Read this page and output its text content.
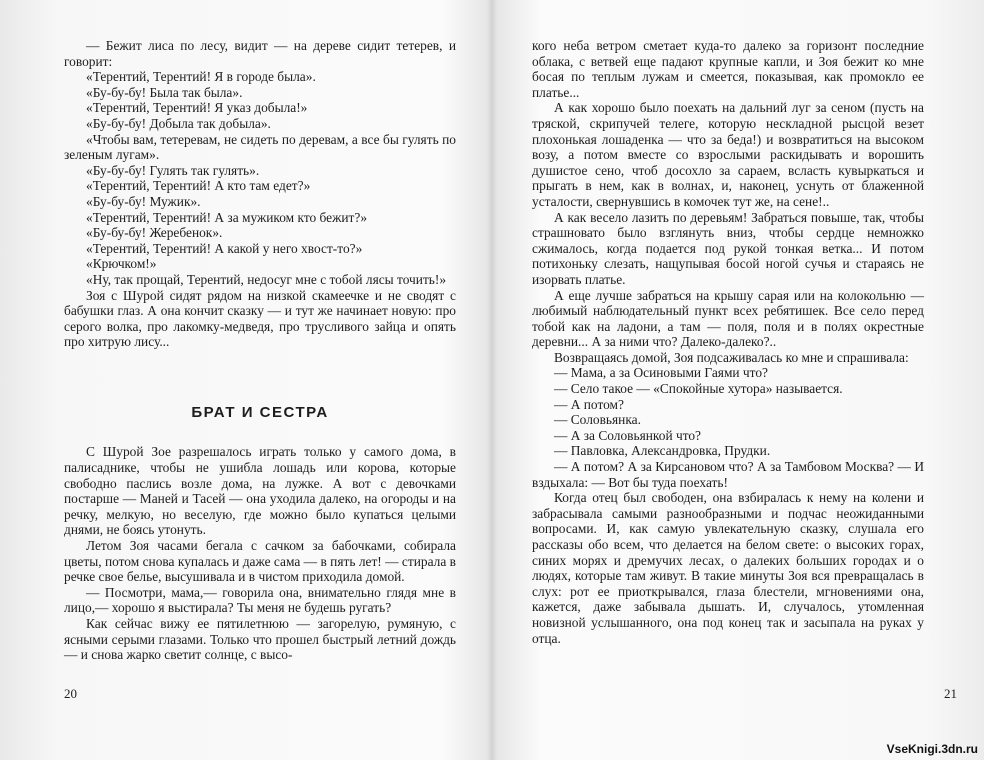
— Бежит лиса по лесу, видит — на дереве сидит тетерев, и говорит:

«Терентий, Терентий! Я в городе была».

«Бу-бу-бу! Была так была».

«Терентий, Терентий! Я указ добыла!»

«Бу-бу-бу! Добыла так добыла».

«Чтобы вам, тетеревам, не сидеть по деревам, а все бы гулять по зеленым лугам».

«Бу-бу-бу! Гулять так гулять».

«Терентий, Терентий! А кто там едет?»

«Бу-бу-бу! Мужик».

«Терентий, Терентий! А за мужиком кто бежит?»

«Бу-бу-бу! Жеребенок».

«Терентий, Терентий! А какой у него хвост-то?»

«Крючком!»

«Ну, так прощай, Терентий, недосуг мне с тобой лясы точить!»

Зоя с Шурой сидят рядом на низкой скамеечке и не сводят с бабушки глаз. А она кончит сказку — и тут же начинает новую: про серого волка, про лакомку-медведя, про трусливого зайца и опять про хитрую лису...

БРАТ И СЕСТРА

С Шурой Зое разрешалось играть только у самого дома, в палисаднике, чтобы не ушибла лошадь или корова, которые свободно паслись возле дома, на лужке. А вот с девочками постарше — Маней и Тасей — она уходила далеко, на огороды и на речку, мелкую, но веселую, где можно было купаться целыми днями, не боясь утонуть.

Летом Зоя часами бегала с сачком за бабочками, собирала цветы, потом снова купалась и даже сама — в пять лет! — стирала в речке свое белье, высушивала и в чистом приходила домой.

— Посмотри, мама,— говорила она, внимательно глядя мне в лицо,— хорошо я выстирала? Ты меня не будешь ругать?

Как сейчас вижу ее пятилетнюю — загорелую, румяную, с ясными серыми глазами. Только что прошел быстрый летний дождь — и снова жарко светит солнце, с высо-

20

кого неба ветром сметает куда-то далеко за горизонт последние облака, с ветвей еще падают крупные капли, и Зоя бежит ко мне босая по теплым лужам и смеется, показывая, как промокло ее платье...

А как хорошо было поехать на дальний луг за сеном (пусть на тряской, скрипучей телеге, которую нескладной рысцой везет плохонькая лошаденка — что за беда!) и возвратиться на высоком возу, а потом вместе со взрослыми раскидывать и ворошить душистое сено, чтоб досохло за сараем, всласть кувыркаться и прыгать в нем, как в волнах, и, наконец, уснуть от блаженной усталости, свернувшись в комочек тут же, на сене!..

А как весело лазить по деревьям! Забраться повыше, так, чтобы страшновато было взглянуть вниз, чтобы сердце немножко сжималось, когда подается под рукой тонкая ветка... И потом потихоньку слезать, нащупывая босой ногой сучья и стараясь не изорвать платье.

А еще лучше забраться на крышу сарая или на колокольню — любимый наблюдательный пункт всех ребятишек. Все село перед тобой как на ладони, а там — поля, поля и в полях окрестные деревни... А за ними что? Далеко-далеко?..

Возвращаясь домой, Зоя подсаживалась ко мне и спрашивала:

— Мама, а за Осиновыми Гаями что?

— Село такое — «Спокойные хутора» называется.

— А потом?

— Соловьянка.

— А за Соловьянкой что?

— Павловка, Александровка, Прудки.

— А потом? А за Кирсановом что? А за Тамбовом Москва? — И вздыхала: — Вот бы туда поехать!

Когда отец был свободен, она взбиралась к нему на колени и забрасывала самыми разнообразными и подчас неожиданными вопросами. И, как самую увлекательную сказку, слушала его рассказы обо всем, что делается на белом свете: о высоких горах, синих морях и дремучих лесах, о далеких больших городах и о людях, которые там живут. В такие минуты Зоя вся превращалась в слух: рот ее приоткрывался, глаза блестели, мгновениями она, кажется, даже забывала дышать. И, случалось, утомленная новизной услышанного, она под конец так и засыпала на руках у отца.

21
VseKnigi.3dn.ru
